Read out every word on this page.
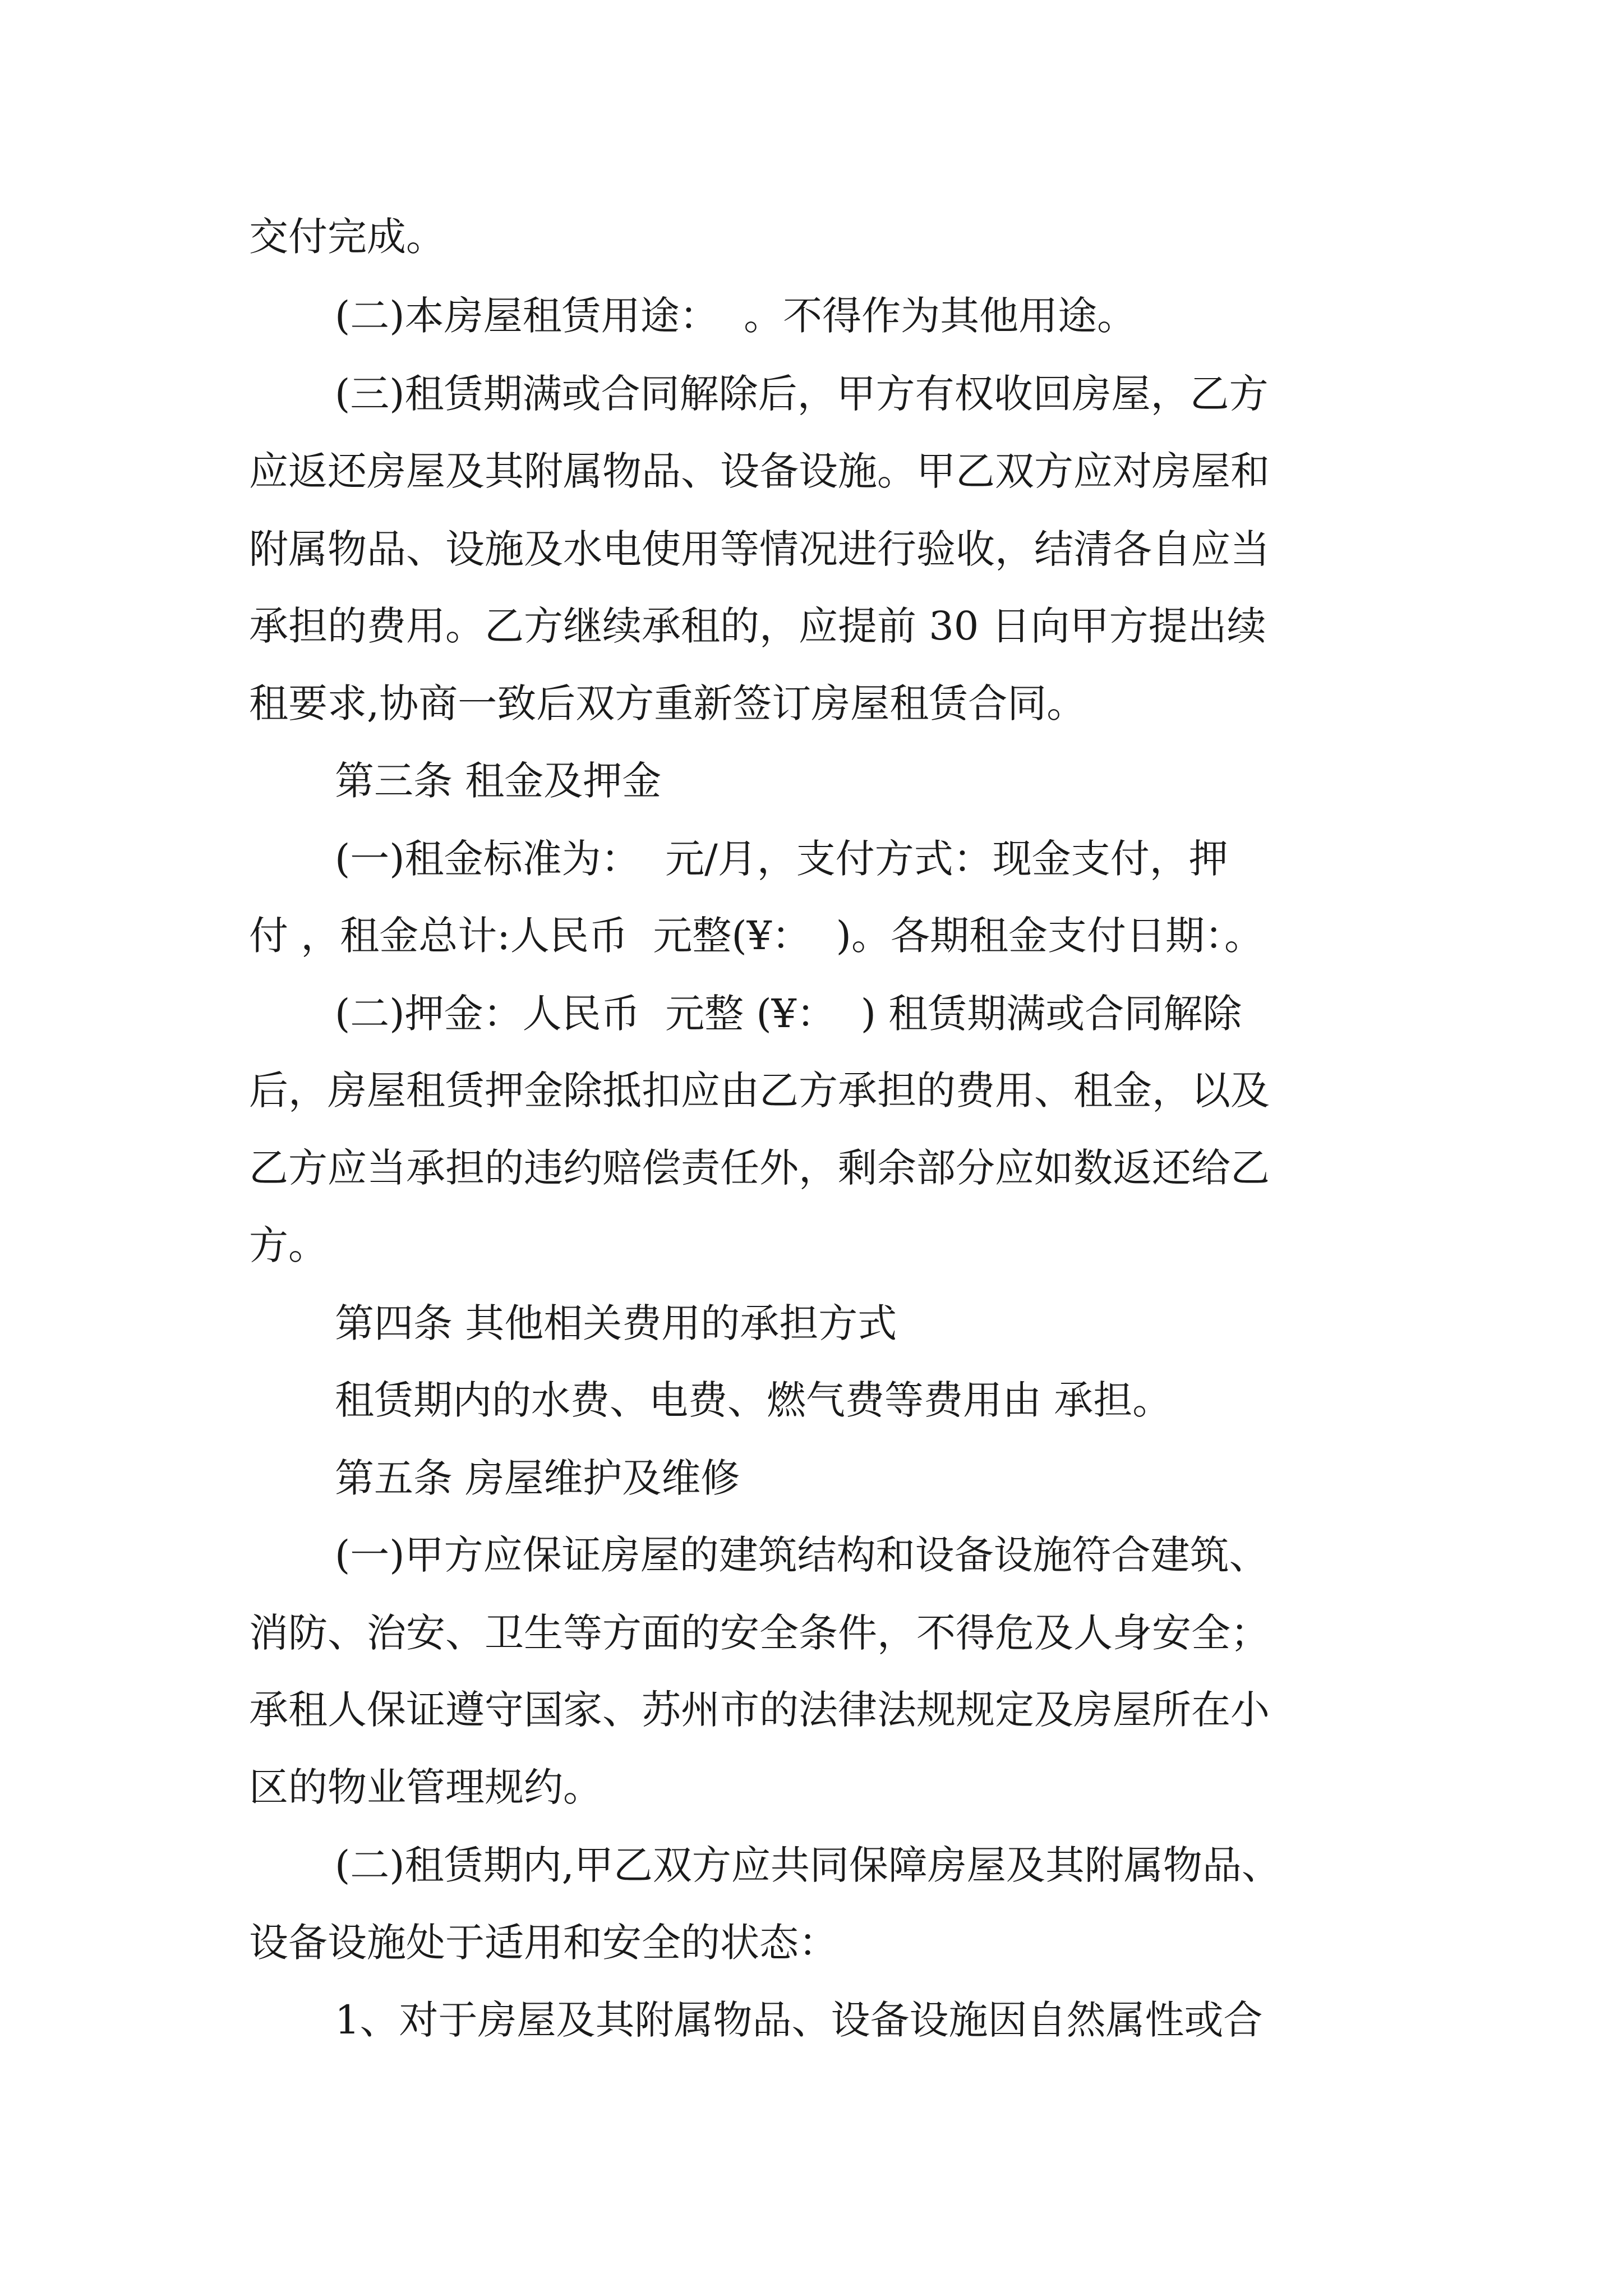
交付完成。
(二)本房屋租赁用途：  。不得作为其他用途。
(三)租赁期满或合同解除后，甲方有权收回房屋，乙方
应返还房屋及其附属物品、设备设施。甲乙双方应对房屋和
附属物品、设施及水电使用等情况进行验收，结清各自应当
承担的费用。乙方继续承租的，应提前 30 日向甲方提出续
租要求,协商一致后双方重新签订房屋租赁合同。
第三条 租金及押金
(一)租金标准为：  元/月，支付方式：现金支付，押
付 ，租金总计:人民币  元整(¥：  )。各期租金支付日期：。
(二)押金：人民币  元整 (¥：  ) 租赁期满或合同解除
后，房屋租赁押金除抵扣应由乙方承担的费用、租金，以及
乙方应当承担的违约赔偿责任外，剩余部分应如数返还给乙
方。
第四条 其他相关费用的承担方式
租赁期内的水费、电费、燃气费等费用由 承担。
第五条 房屋维护及维修
(一)甲方应保证房屋的建筑结构和设备设施符合建筑、
消防、治安、卫生等方面的安全条件，不得危及人身安全；
承租人保证遵守国家、苏州市的法律法规规定及房屋所在小
区的物业管理规约。
(二)租赁期内,甲乙双方应共同保障房屋及其附属物品、
设备设施处于适用和安全的状态：
1、对于房屋及其附属物品、设备设施因自然属性或合
